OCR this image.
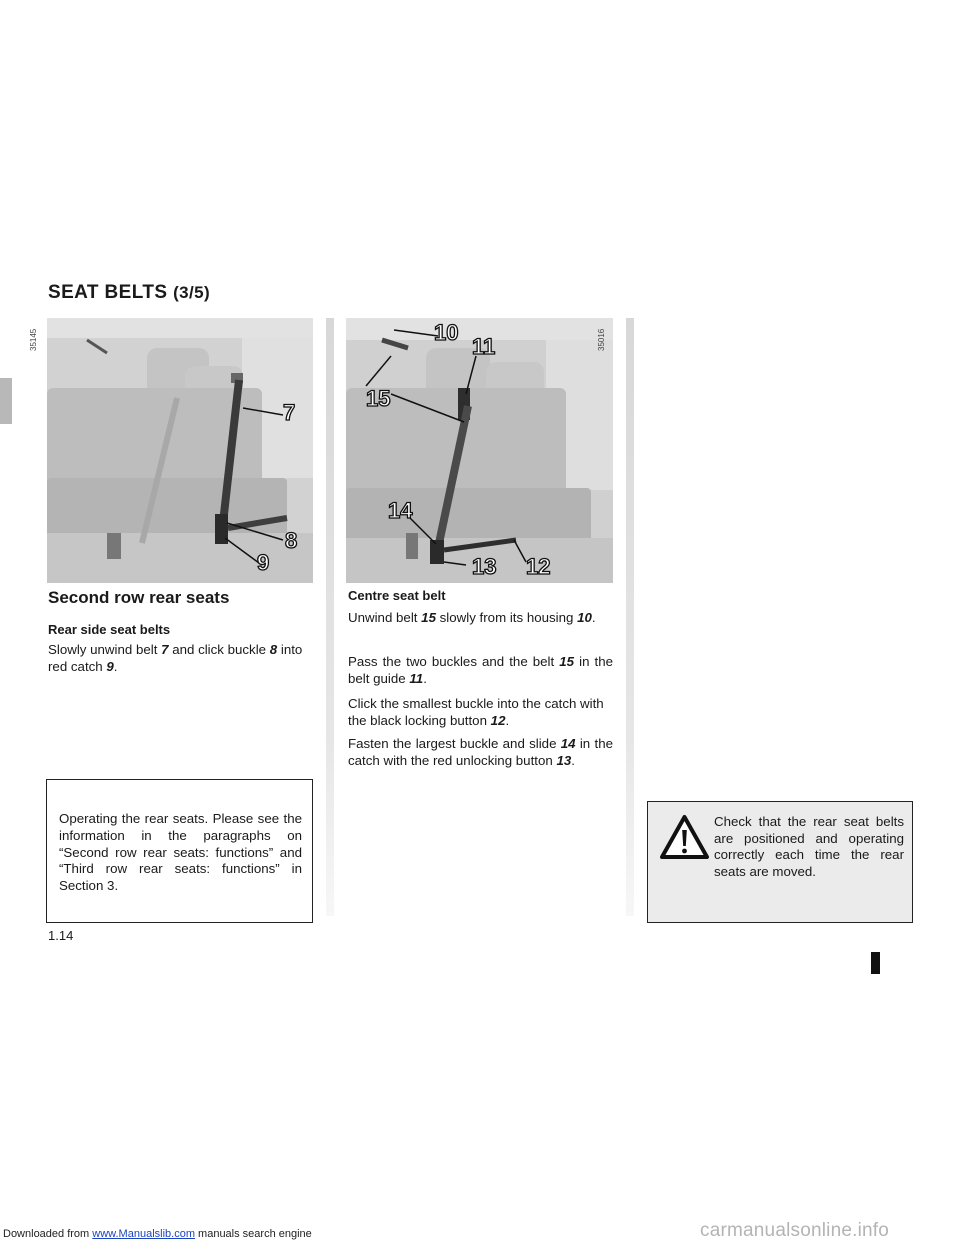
SEAT BELTS (3/5)
7
8
9
35145	10
11
15
14
13 12
35016
Second row rear seats
Rear side seat belts
Slowly unwind belt 7 and click buckle 8 into red catch 9.
Operating the rear seats. Please see the information in the paragraphs on “Second row rear seats: functions” and “Third row rear seats: functions” in Section 3.
Centre seat belt
Unwind belt 15 slowly from its housing 10.
Pass the two buckles and the belt 15 in the belt guide 11.
Click the smallest buckle into the catch with the black locking button 12.
Fasten the largest buckle and slide 14 in the catch with the red unlocking button 13.
Check that the rear seat belts are positioned and operating correctly each time the rear seats are moved.
1.14
Downloaded from www.Manualslib.com manuals search engine	carmanualsonline.info
